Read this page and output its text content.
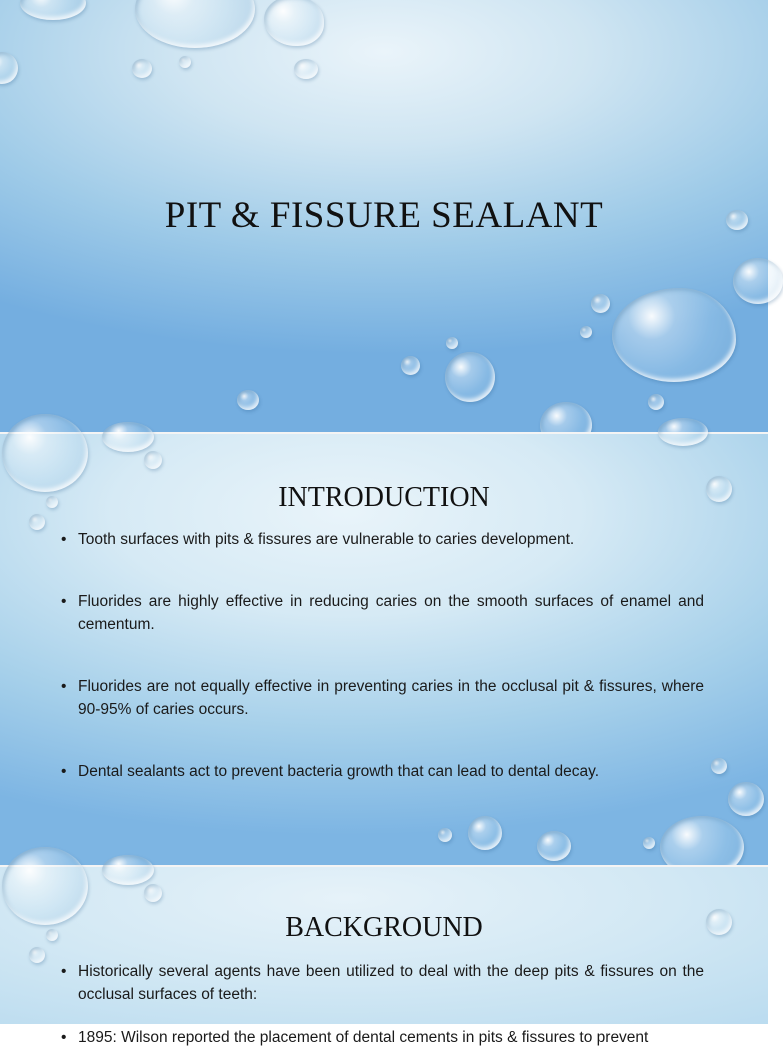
PIT & FISSURE SEALANT
INTRODUCTION
• Tooth surfaces with pits & fissures are vulnerable to caries development.
• Fluorides are highly effective in reducing caries on the smooth surfaces of enamel and cementum.
• Fluorides are not equally effective in preventing caries in the occlusal pit & fissures, where 90-95% of caries occurs.
• Dental sealants act to prevent bacteria growth that can lead to dental decay.
BACKGROUND
• Historically several agents have been utilized to deal with the deep pits & fissures on the occlusal surfaces of teeth:
• 1895: Wilson reported the placement of dental cements in pits & fissures to prevent
